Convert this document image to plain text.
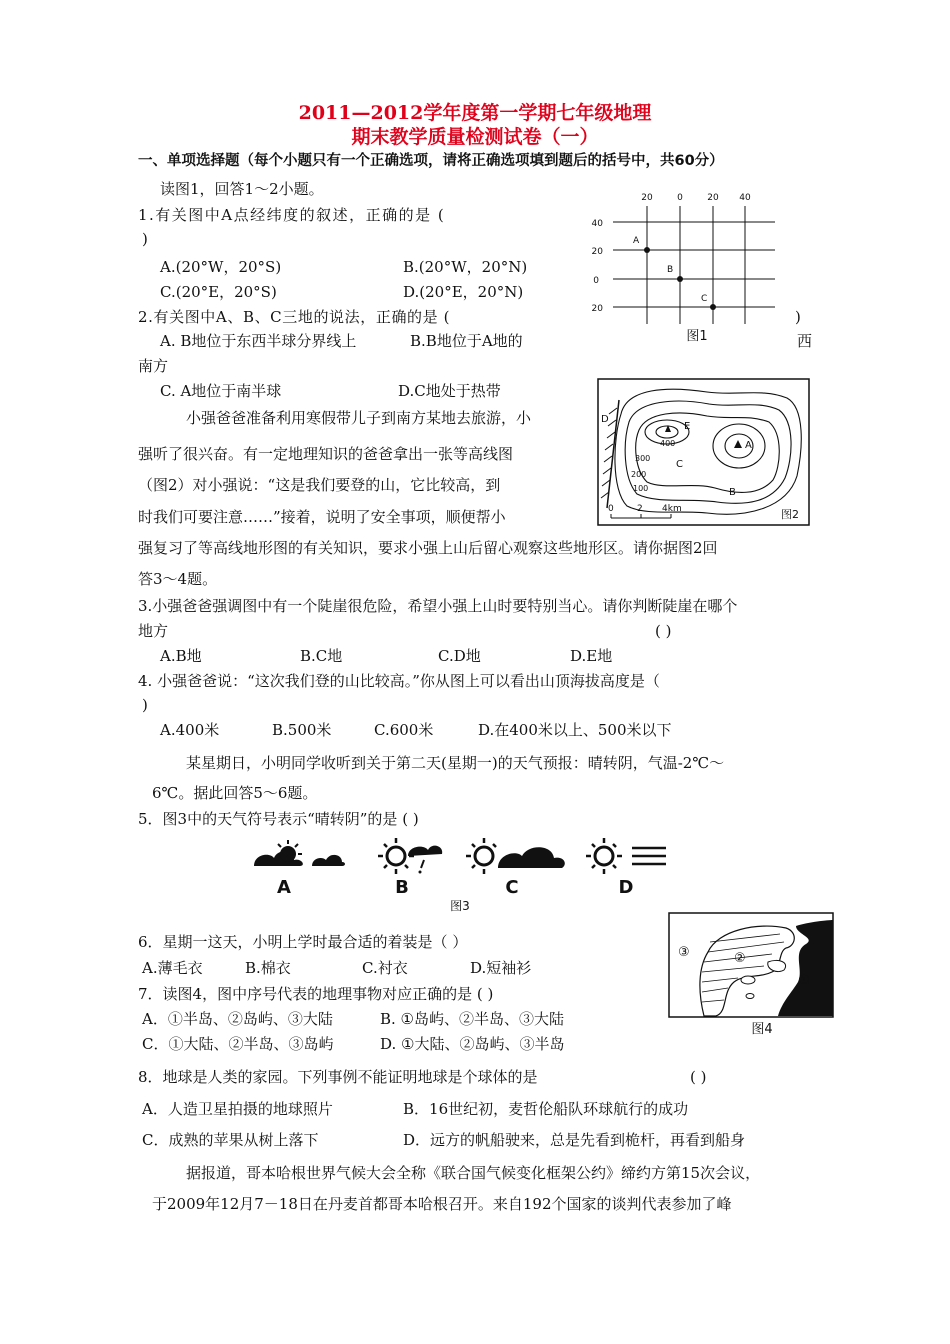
2011—2012学年度第一学期七年级地理
期末教学质量检测试卷（一）
一、单项选择题（每个小题只有一个正确选项，请将正确选项填到题后的括号中，共60分）
读图1，回答1～2小题。
1.有关图中A点经纬度的叙述，正确的是 (
)
A.(20°W，20°S)	B.(20°W，20°N)
C.(20°E，20°S)	D.(20°E，20°N)
2.有关图中A、B、C三地的说法，正确的是 (	)
A. B地位于东西半球分界线上	B.B地位于A地的	西
南方
C. A地位于南半球	D.C地处于热带
20	0	20 40
40
20
0
20
A
B
C
图1
小强爸爸准备利用寒假带儿子到南方某地去旅游，小
强听了很兴奋。有一定地理知识的爸爸拿出一张等高线图
（图2）对小强说：“这是我们要登的山，它比较高，到
时我们可要注意……”接着，说明了安全事项，顺便帮小
强复习了等高线地形图的有关知识，要求小强上山后留心观察这些地形区。请你据图2回
答3～4题。
D
E
A
400
300
C
200
100	B
0	2 4km	图2
3.小强爸爸强调图中有一个陡崖很危险，希望小强上山时要特别当心。请你判断陡崖在哪个
地方	( )
A.B地	B.C地	C.D地	D.E地
4. 小强爸爸说：“这次我们登的山比较高。”你从图上可以看出山顶海拔高度是（
)
A.400米	B.500米	C.600米	D.在400米以上、500米以下
某星期日，小明同学收听到关于第二天(星期一)的天气预报：晴转阴，气温-2℃～
6℃。据此回答5～6题。
5．图3中的天气符号表示“晴转阴”的是 ( )
A	B	C	D
图3
③	②
①
图4
6．星期一这天，小明上学时最合适的着装是（ ）
A.薄毛衣	B.棉衣	C.衬衣	D.短袖衫
7．读图4，图中序号代表的地理事物对应正确的是 ( )
A．①半岛、②岛屿、③大陆	B. ①岛屿、②半岛、③大陆
C．①大陆、②半岛、③岛屿	D. ①大陆、②岛屿、③半岛
8．地球是人类的家园。下列事例不能证明地球是个球体的是	( )
A．人造卫星拍摄的地球照片	B．16世纪初，麦哲伦船队环球航行的成功
C．成熟的苹果从树上落下	D．远方的帆船驶来，总是先看到桅杆，再看到船身
据报道，哥本哈根世界气候大会全称《联合国气候变化框架公约》缔约方第15次会议，
于2009年12月7－18日在丹麦首都哥本哈根召开。来自192个国家的谈判代表参加了峰
